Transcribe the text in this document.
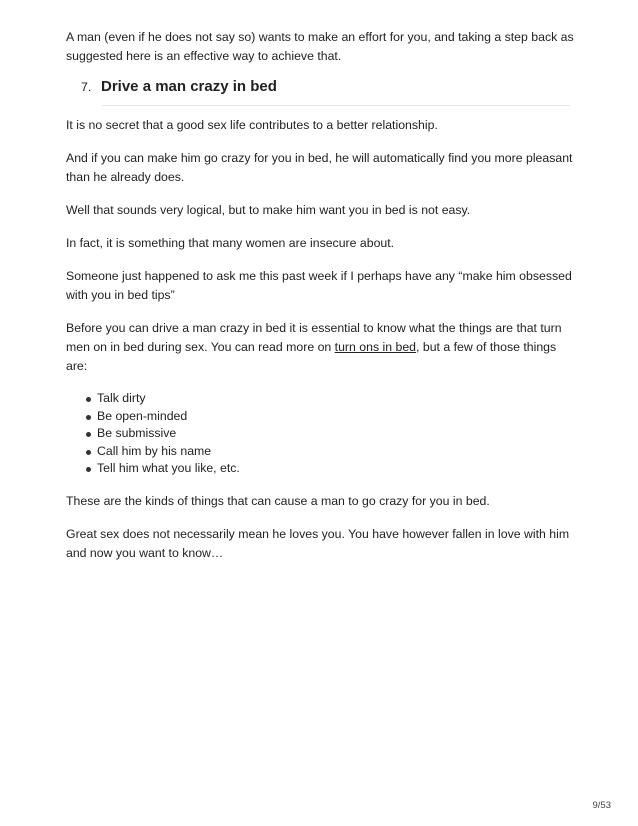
A man (even if he does not say so) wants to make an effort for you, and taking a step back as suggested here is an effective way to achieve that.

7. Drive a man crazy in bed

It is no secret that a good sex life contributes to a better relationship.

And if you can make him go crazy for you in bed, he will automatically find you more pleasant than he already does.

Well that sounds very logical, but to make him want you in bed is not easy.

In fact, it is something that many women are insecure about.

Someone just happened to ask me this past week if I perhaps have any “make him obsessed with you in bed tips”

Before you can drive a man crazy in bed it is essential to know what the things are that turn men on in bed during sex. You can read more on turn ons in bed, but a few of those things are:

Talk dirty
Be open-minded
Be submissive
Call him by his name
Tell him what you like, etc.

These are the kinds of things that can cause a man to go crazy for you in bed.

Great sex does not necessarily mean he loves you. You have however fallen in love with him and now you want to know…

9/53
